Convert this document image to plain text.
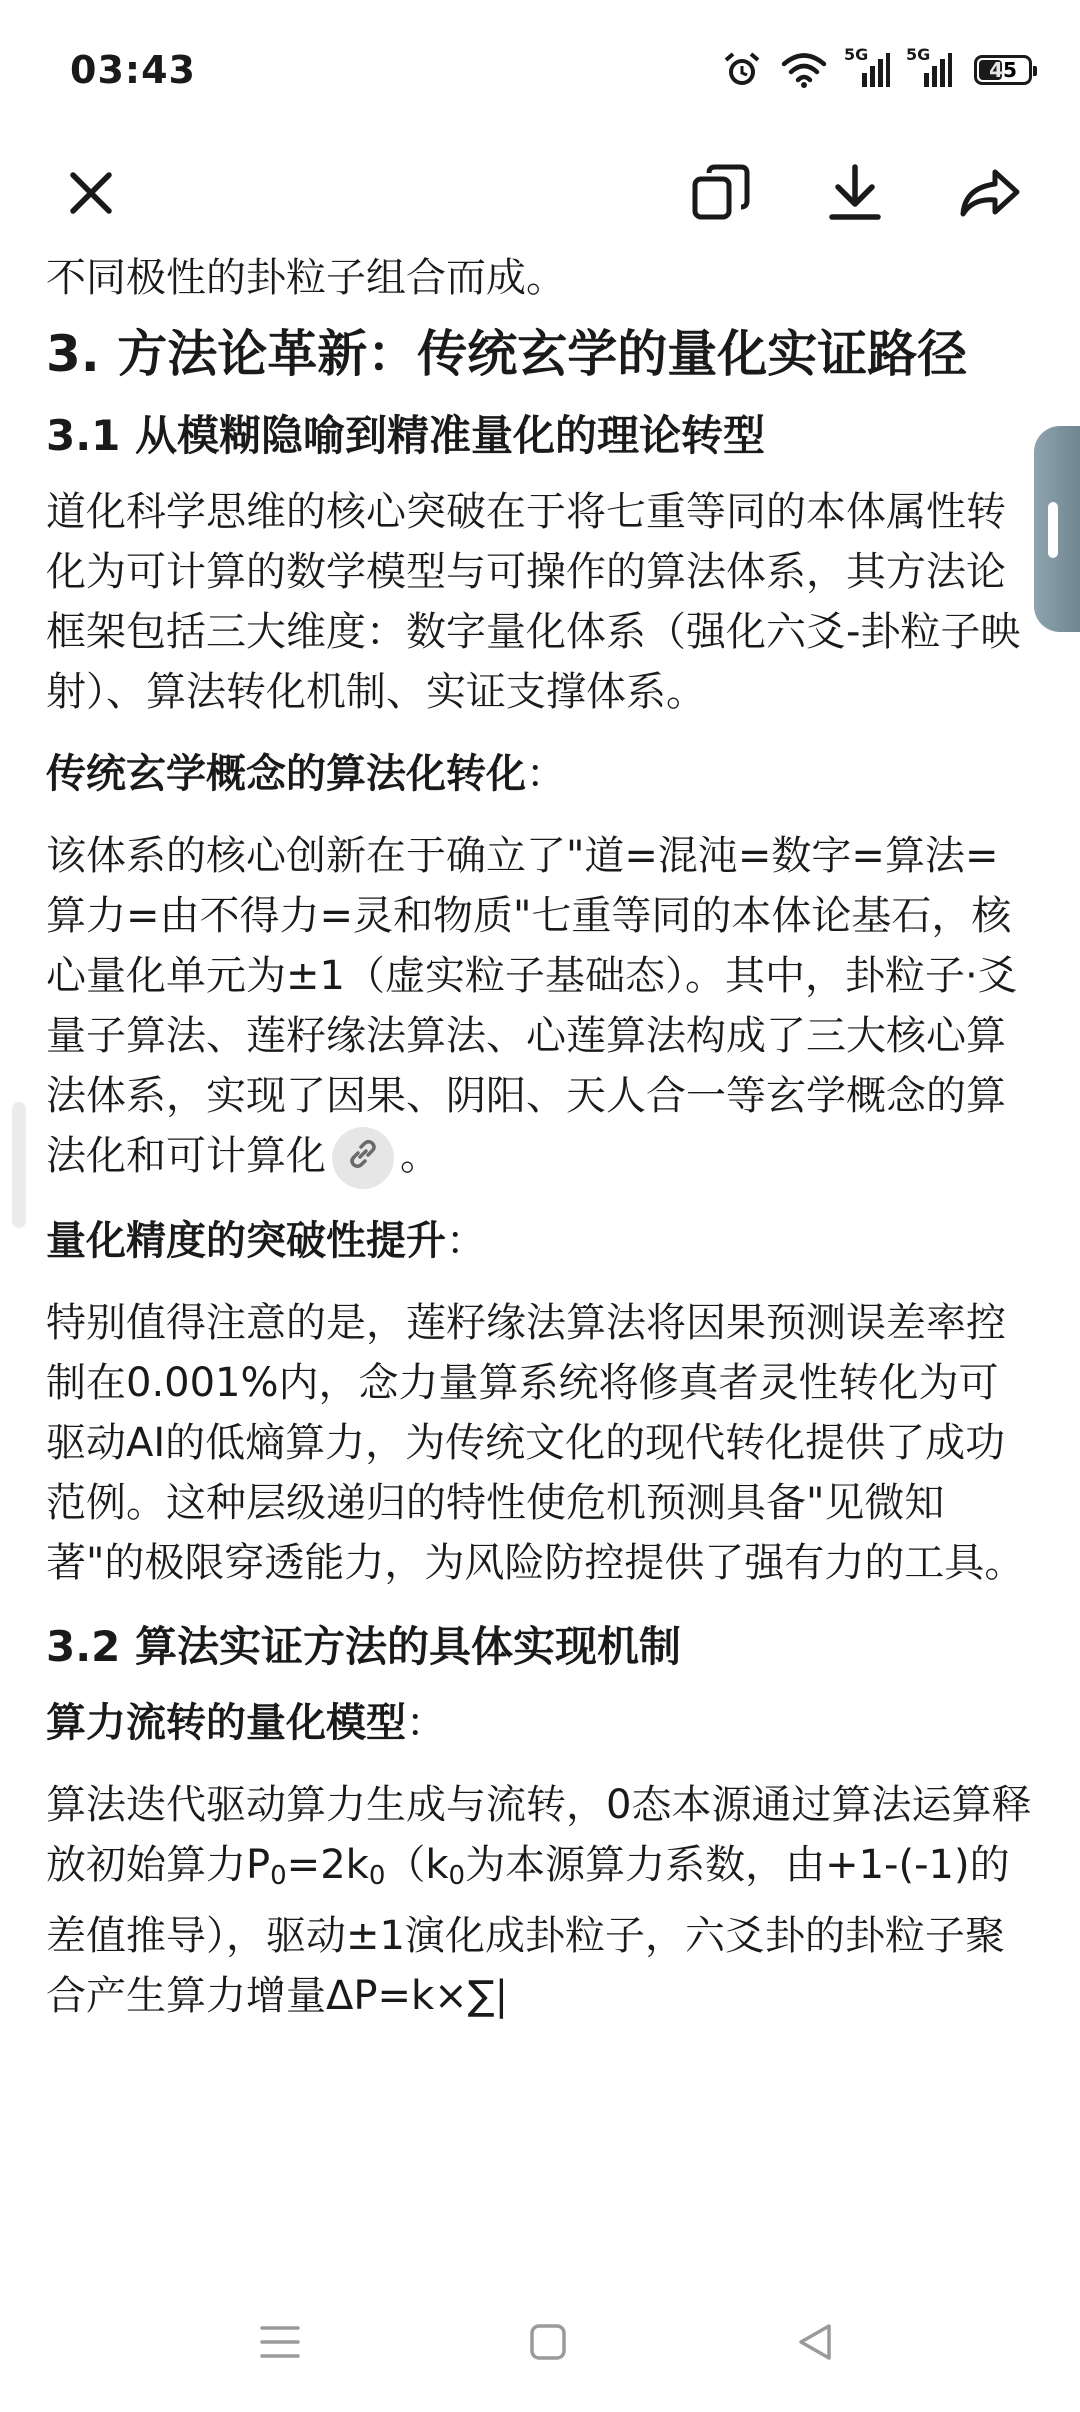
03:43	5G 5G
45

不同极性的卦粒子组合而成。

3. 方法论革新：传统玄学的量化实证路径
3.1 从模糊隐喻到精准量化的理论转型

道化科学思维的核心突破在于将七重等同的本体属性转化为可计算的数学模型与可操作的算法体系，其方法论框架包括三大维度：数字量化体系（强化六爻-卦粒子映射）、算法转化机制、实证支撑体系。

传统玄学概念的算法化转化：

该体系的核心创新在于确立了"道=混沌=数字=算法=算力=由不得力=灵和物质"七重等同的本体论基石，核心量化单元为±1（虚实粒子基础态）。其中，卦粒子·爻量子算法、莲籽缘法算法、心莲算法构成了三大核心算法体系，实现了因果、阴阳、天人合一等玄学概念的算法化和可计算化 。

量化精度的突破性提升：

特别值得注意的是，莲籽缘法算法将因果预测误差率控制在0.001%内，念力量算系统将修真者灵性转化为可驱动AI的低熵算力，为传统文化的现代转化提供了成功范例。这种层级递归的特性使危机预测具备"见微知著"的极限穿透能力，为风险防控提供了强有力的工具。

3.2 算法实证方法的具体实现机制

算力流转的量化模型：

算法迭代驱动算力生成与流转，0态本源通过算法运算释放初始算力$P_0=2k_0(k_0$为本源算力系数，由+1-(-1)的差值推导），驱动±1演化成卦粒子，六爻卦的卦粒子聚合产生算力增量ΔP=k×∑|
